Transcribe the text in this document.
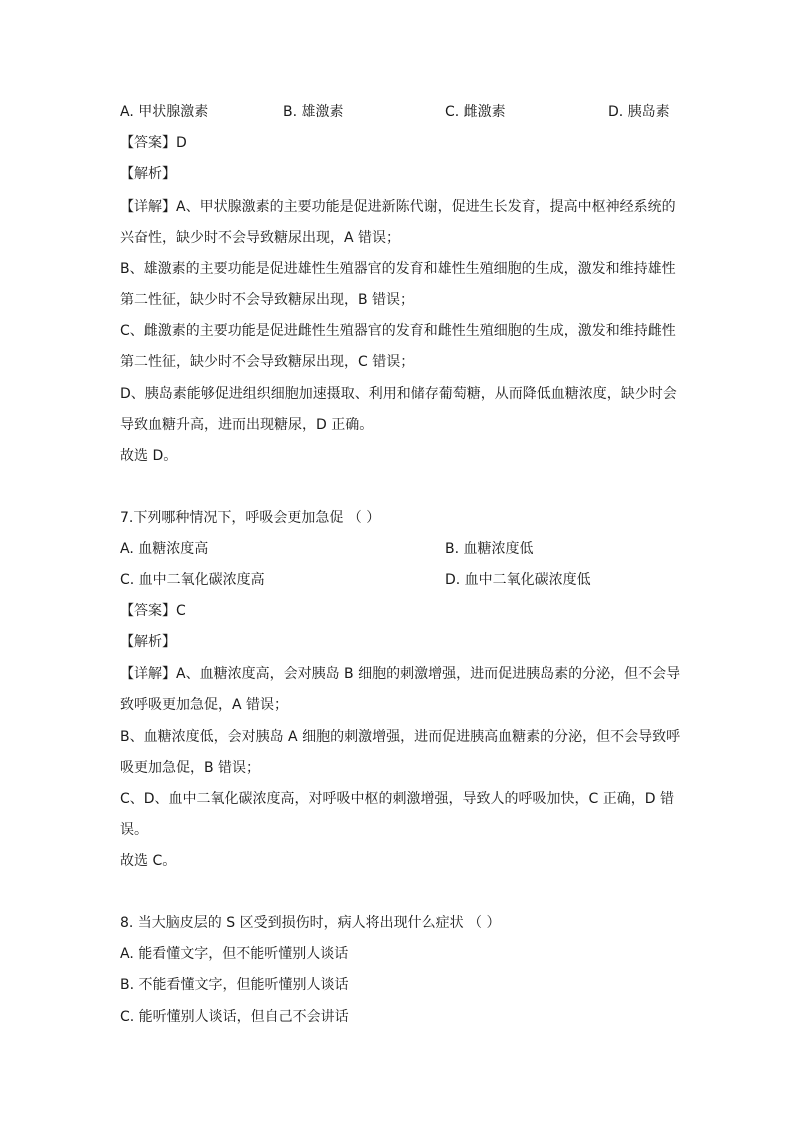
A. 甲状腺激素	B. 雄激素	C. 雌激素	D. 胰岛素
【答案】D
【解析】
【详解】A、甲状腺激素的主要功能是促进新陈代谢，促进生长发育，提高中枢神经系统的
兴奋性，缺少时不会导致糖尿出现，A 错误；
B、雄激素的主要功能是促进雄性生殖器官的发育和雄性生殖细胞的生成，激发和维持雄性
第二性征，缺少时不会导致糖尿出现，B 错误；
C、雌激素的主要功能是促进雌性生殖器官的发育和雌性生殖细胞的生成，激发和维持雌性
第二性征，缺少时不会导致糖尿出现，C 错误；
D、胰岛素能够促进组织细胞加速摄取、利用和储存葡萄糖，从而降低血糖浓度，缺少时会
导致血糖升高，进而出现糖尿，D 正确。
故选 D。
7.下列哪种情况下，呼吸会更加急促 （ ）
A. 血糖浓度高	B. 血糖浓度低
C. 血中二氧化碳浓度高	D. 血中二氧化碳浓度低
【答案】C
【解析】
【详解】A、血糖浓度高，会对胰岛 B 细胞的刺激增强，进而促进胰岛素的分泌，但不会导
致呼吸更加急促，A 错误；
B、血糖浓度低，会对胰岛 A 细胞的刺激增强，进而促进胰高血糖素的分泌，但不会导致呼
吸更加急促，B 错误；
C、D、血中二氧化碳浓度高，对呼吸中枢的刺激增强，导致人的呼吸加快，C 正确，D 错
误。
故选 C。
8. 当大脑皮层的 S 区受到损伤时，病人将出现什么症状 （ ）
A. 能看懂文字，但不能听懂别人谈话
B. 不能看懂文字，但能听懂别人谈话
C. 能听懂别人谈话，但自己不会讲话
